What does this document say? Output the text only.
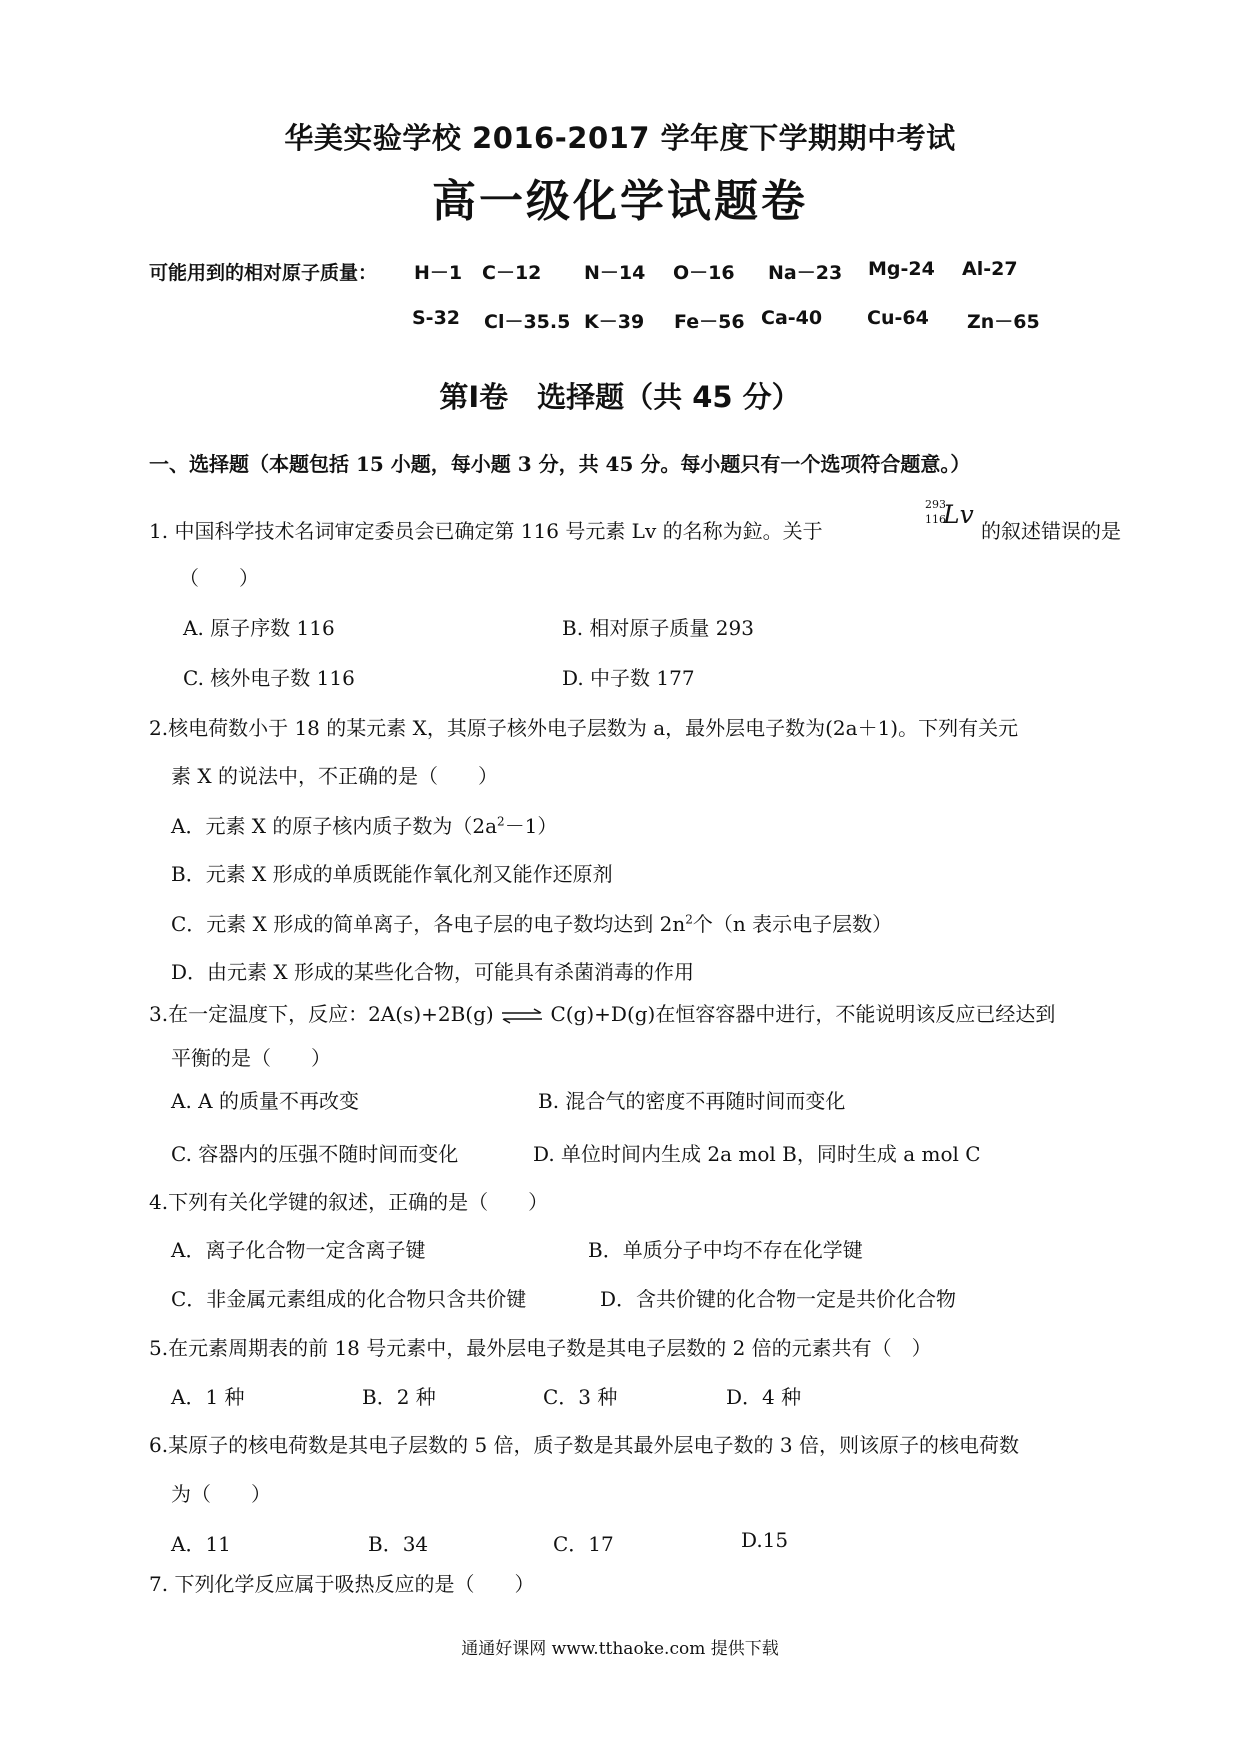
华美实验学校 2016-2017 学年度下学期期中考试
高一级化学试题卷
可能用到的相对原子质量： H－1 C－12 N－14 O－16 Na－23 Mg-24 Al-27
S-32 Cl－35.5 K－39 Fe－56 Ca-40 Cu-64 Zn－65
第Ⅰ卷　选择题（共 45 分）
一、选择题（本题包括 15 小题，每小题 3 分，共 45 分。每小题只有一个选项符合题意。）
1. 中国科学技术名词审定委员会已确定第 116 号元素 Lv 的名称为鉝。关于
293
116
Lv
的叙述错误的是
（　　）
A. 原子序数 116	B. 相对原子质量 293
C. 核外电子数 116	D. 中子数 177
2.核电荷数小于 18 的某元素 X，其原子核外电子层数为 a，最外层电子数为(2a＋1)。下列有关元
素 X 的说法中，不正确的是（　　）
A．元素 X 的原子核内质子数为$(2a^2-1)$
B．元素 X 形成的单质既能作氧化剂又能作还原剂
C．元素 X 形成的简单离子，各电子层的电子数均达到 $2n^2$个（n 表示电子层数）
D．由元素 X 形成的某些化合物，可能具有杀菌消毒的作用
3.在一定温度下，反应：2A(s)+2B(g) ⇌ C(g)+D(g)在恒容容器中进行，不能说明该反应已经达到
平衡的是（　　）
A. A 的质量不再改变	B. 混合气的密度不再随时间而变化
C. 容器内的压强不随时间而变化	D. 单位时间内生成 2a mol B，同时生成 a mol C
4.下列有关化学键的叙述，正确的是（　　）
A．离子化合物一定含离子键	B．单质分子中均不存在化学键
C．非金属元素组成的化合物只含共价键	D．含共价键的化合物一定是共价化合物
5.在元素周期表的前 18 号元素中，最外层电子数是其电子层数的 2 倍的元素共有（　）
A．1 种	B．2 种	C．3 种	D．4 种
6.某原子的核电荷数是其电子层数的 5 倍，质子数是其最外层电子数的 3 倍，则该原子的核电荷数
为（　　）
A．11	B．34	C．17	D.15
7. 下列化学反应属于吸热反应的是（　　）
通通好课网 www.tthaoke.com 提供下载
